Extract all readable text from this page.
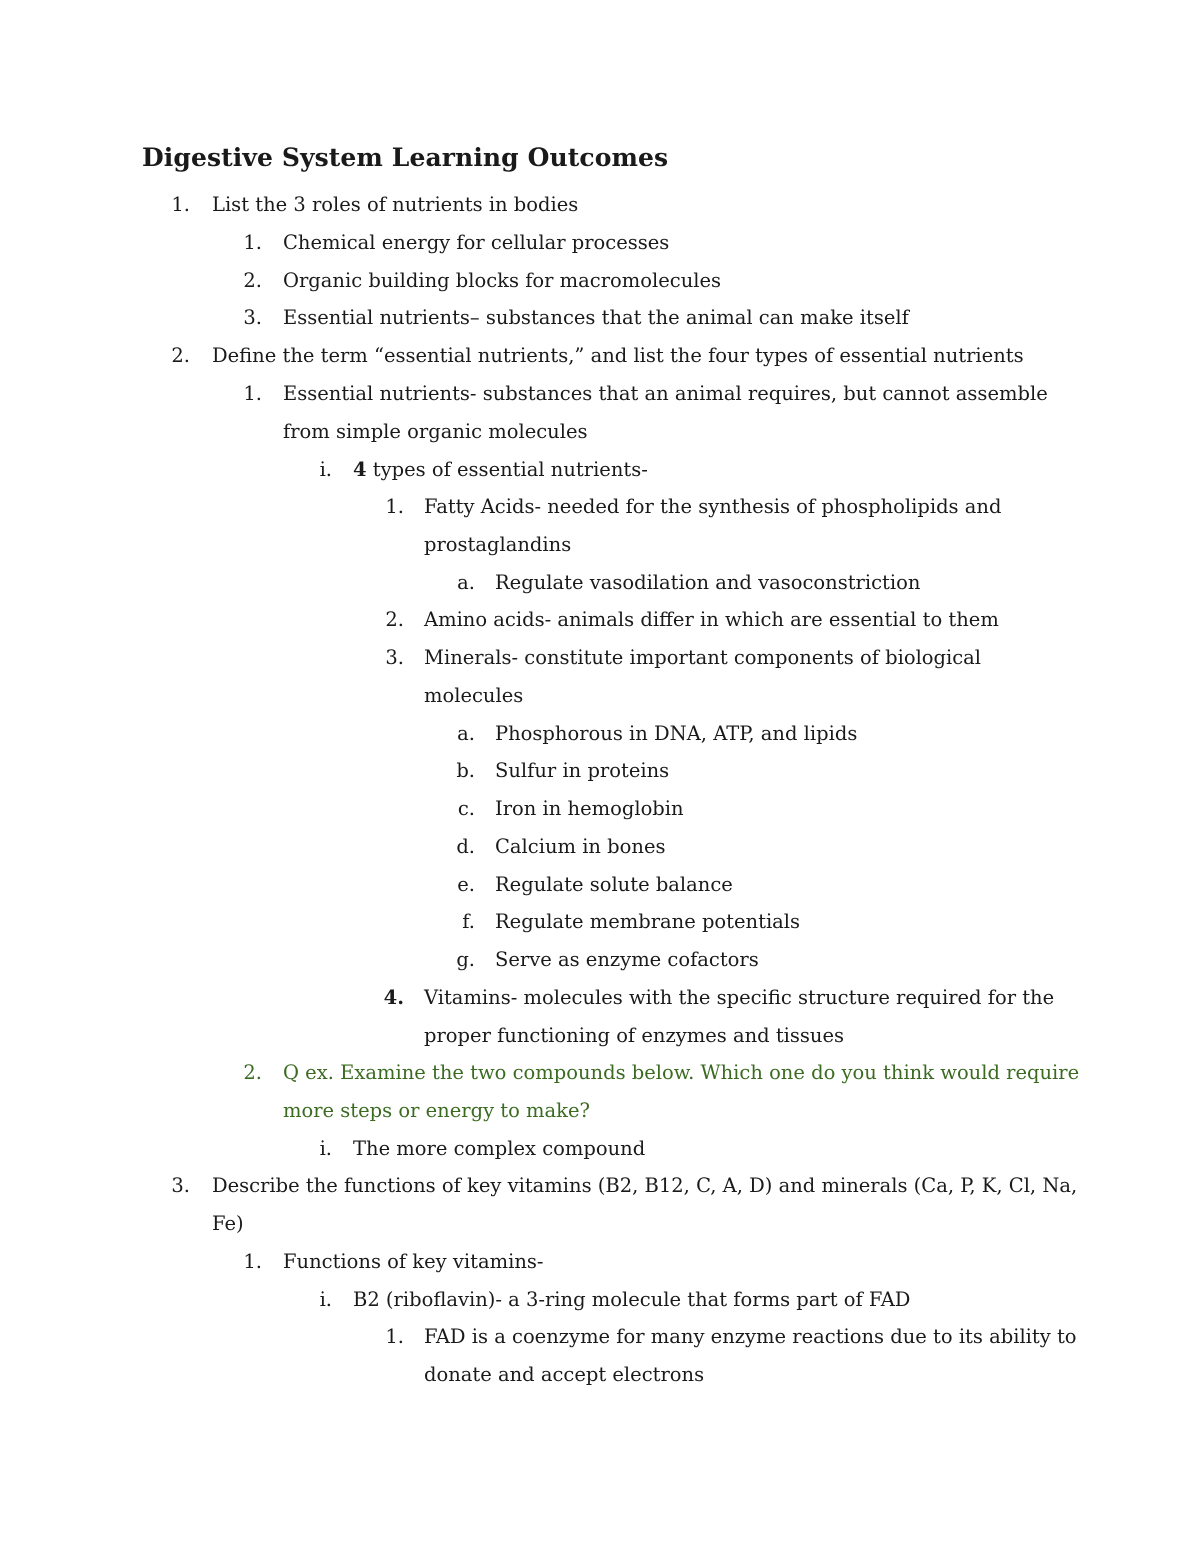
Digestive System Learning Outcomes
1. List the 3 roles of nutrients in bodies
1. Chemical energy for cellular processes
2. Organic building blocks for macromolecules
3. Essential nutrients– substances that the animal can make itself
2. Define the term “essential nutrients,” and list the four types of essential nutrients
1. Essential nutrients- substances that an animal requires, but cannot assemble
from simple organic molecules
i. 4 types of essential nutrients-
1. Fatty Acids- needed for the synthesis of phospholipids and
prostaglandins
a. Regulate vasodilation and vasoconstriction
2. Amino acids- animals differ in which are essential to them
3. Minerals- constitute important components of biological
molecules
a. Phosphorous in DNA, ATP, and lipids
b. Sulfur in proteins
c. Iron in hemoglobin
d. Calcium in bones
e. Regulate solute balance
f. Regulate membrane potentials
g. Serve as enzyme cofactors
4. Vitamins- molecules with the specific structure required for the
proper functioning of enzymes and tissues
2. Q ex. Examine the two compounds below. Which one do you think would require
more steps or energy to make?
i. The more complex compound
3. Describe the functions of key vitamins (B2, B12, C, A, D) and minerals (Ca, P, K, Cl, Na,
Fe)
1. Functions of key vitamins-
i. B2 (riboflavin)- a 3-ring molecule that forms part of FAD
1. FAD is a coenzyme for many enzyme reactions due to its ability to
donate and accept electrons
